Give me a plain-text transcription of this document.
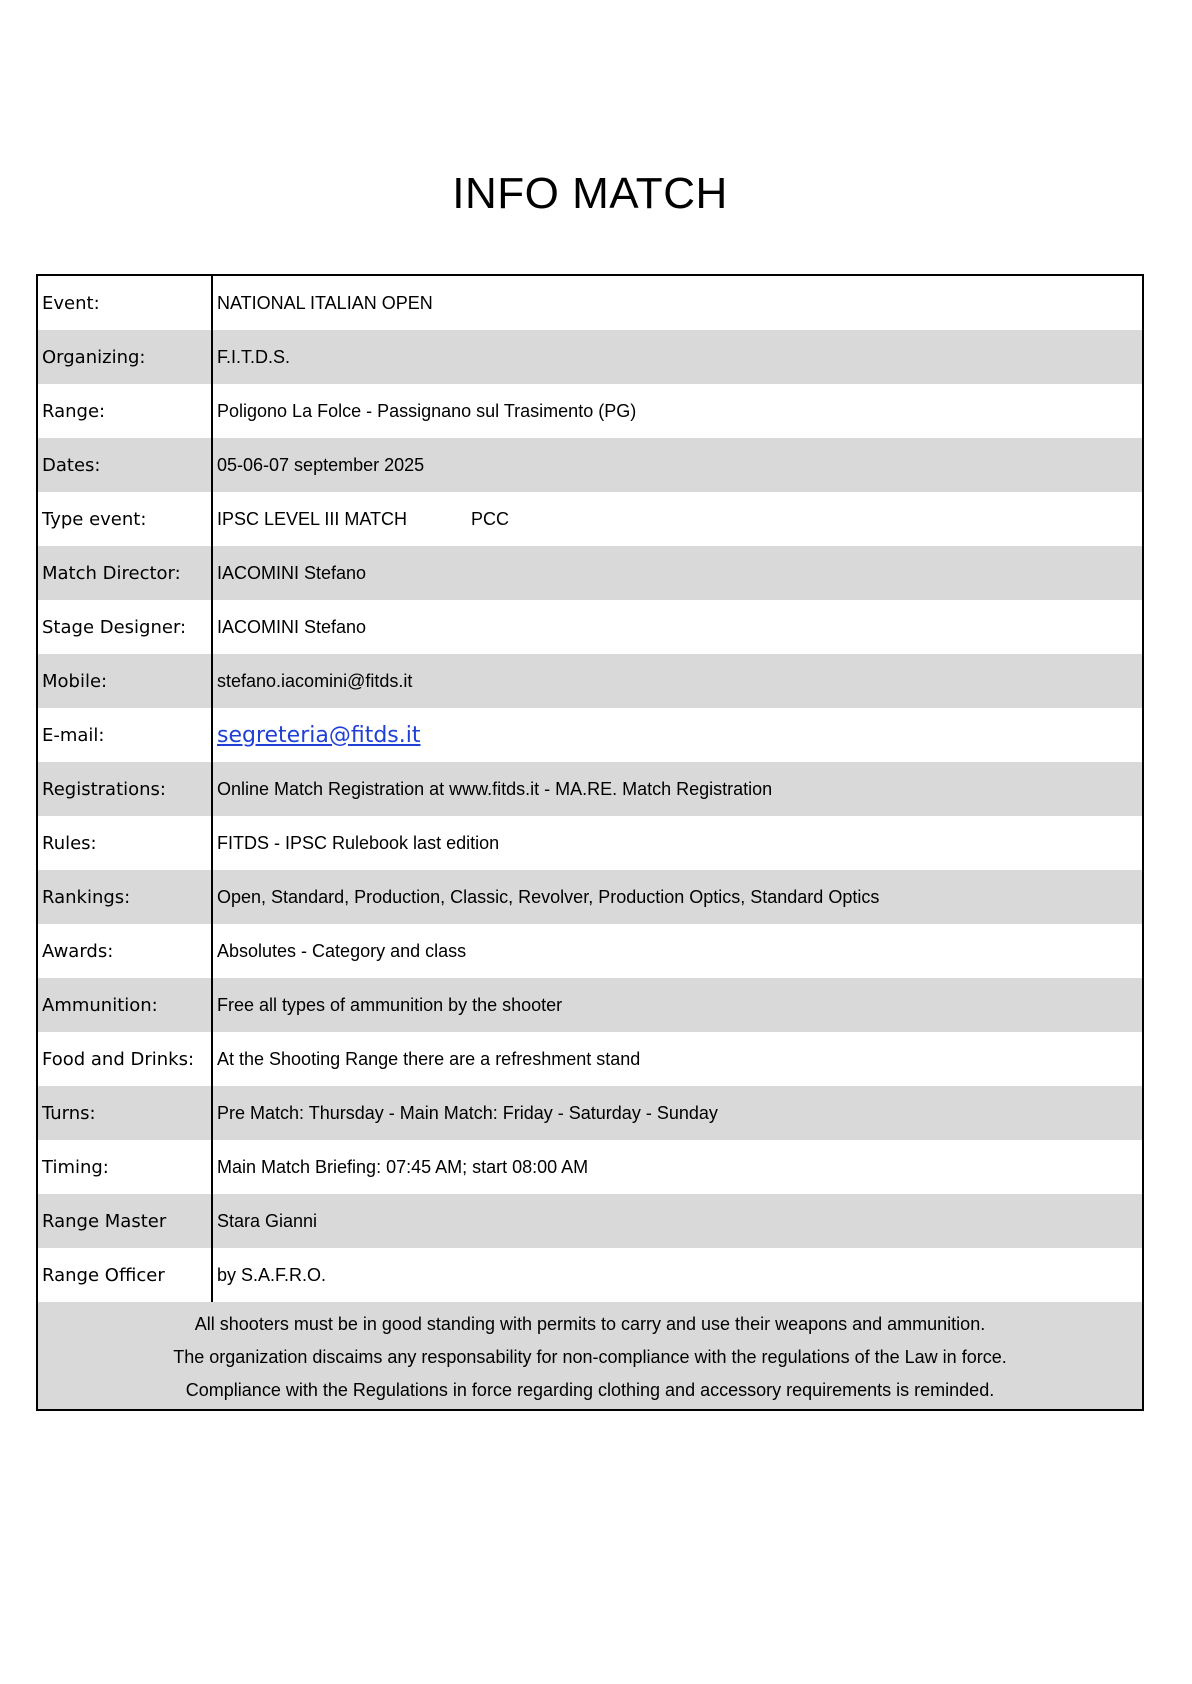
INFO MATCH
Event:	NATIONAL ITALIAN OPEN
Organizing:	F.I.T.D.S.
Range:	Poligono La Folce - Passignano sul Trasimento (PG)
Dates:	05-06-07 september 2025
Type event:	IPSC LEVEL III MATCH	PCC
Match Director:	IACOMINI Stefano
Stage Designer:	IACOMINI Stefano
Mobile:	stefano.iacomini@fitds.it
E-mail:	segreteria@fitds.it
Registrations:	Online Match Registration at www.fitds.it - MA.RE. Match Registration
Rules:	FITDS - IPSC Rulebook last edition
Rankings:	Open, Standard, Production, Classic, Revolver, Production Optics, Standard Optics
Awards:	Absolutes - Category and class
Ammunition:	Free all types of ammunition by the shooter
Food and Drinks:	At the Shooting Range there are a refreshment stand
Turns:	Pre Match: Thursday - Main Match: Friday - Saturday - Sunday
Timing:	Main Match Briefing: 07:45 AM; start 08:00 AM
Range Master	Stara Gianni
Range Officer	by S.A.F.R.O.
All shooters must be in good standing with permits to carry and use their weapons and ammunition.
The organization discaims any responsability for non-compliance with the regulations of the Law in force.
Compliance with the Regulations in force regarding clothing and accessory requirements is reminded.
